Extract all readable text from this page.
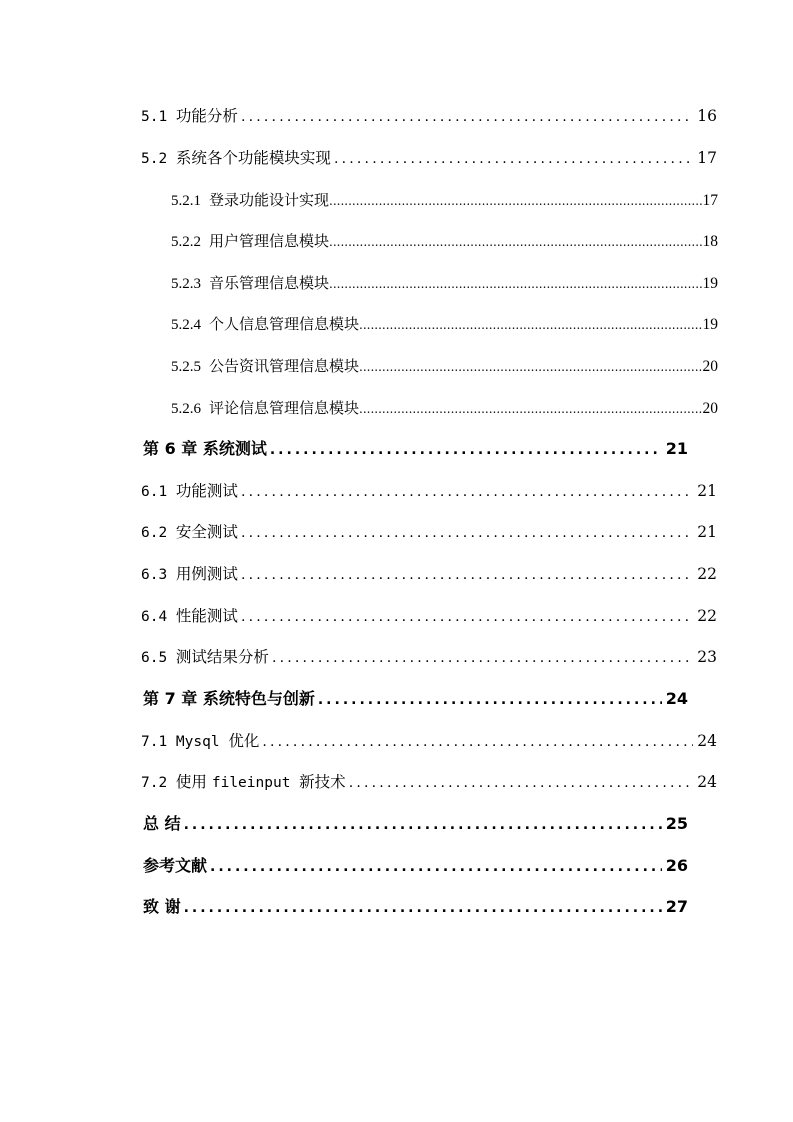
5.1 功能分析 .....	16
5.2 系统各个功能模块实现 .....	17
5.2.1 登录功能设计实现 .....	17
5.2.2 用户管理信息模块 .....	18
5.2.3 音乐管理信息模块 .....	19
5.2.4 个人信息管理信息模块 .....	19
5.2.5 公告资讯管理信息模块 .....	20
5.2.6 评论信息管理信息模块 .....	20
第 6 章 系统测试 .....	21
6.1 功能测试 .....	21
6.2 安全测试 .....	21
6.3 用例测试 .....	22
6.4 性能测试 .....	22
6.5 测试结果分析 .....	23
第 7 章 系统特色与创新 .....	24
7.1 Mysql 优化 .....	24
7.2 使用 fileinput 新技术 .....	24
总 结 .....	25
参考文献 .....	26
致 谢 .....	27
